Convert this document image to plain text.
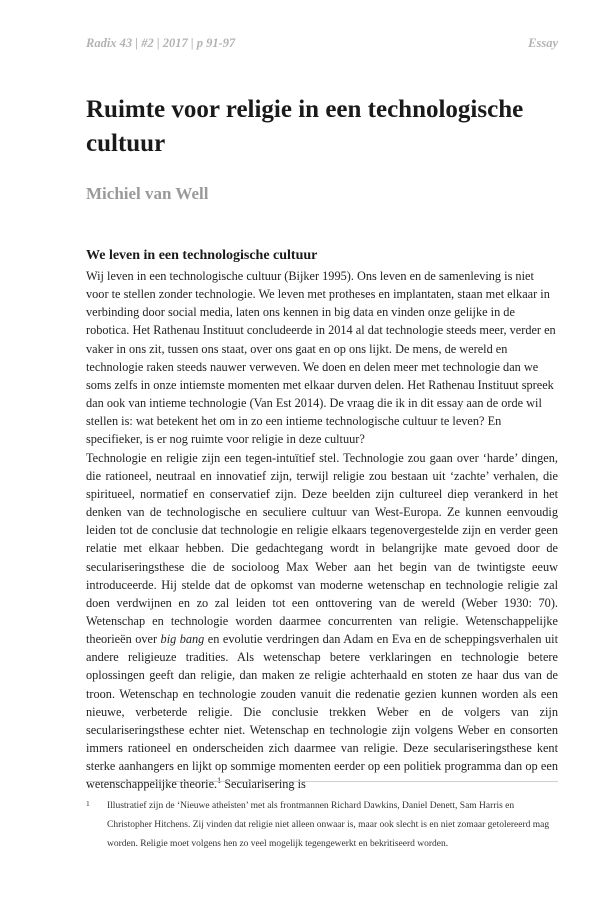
Radix 43 | #2 | 2017 | p 91-97	Essay
Ruimte voor religie in een technologische cultuur
Michiel van Well
We leven in een technologische cultuur

Wij leven in een technologische cultuur (Bijker 1995). Ons leven en de samenleving is niet voor te stellen zonder technologie. We leven met protheses en implantaten, staan met elkaar in verbinding door social media, laten ons kennen in big data en vinden onze gelijke in de robotica. Het Rathenau Instituut concludeerde in 2014 al dat technologie steeds meer, verder en vaker in ons zit, tussen ons staat, over ons gaat en op ons lijkt. De mens, de wereld en technologie raken steeds nauwer verweven. We doen en delen meer met technologie dan we soms zelfs in onze intiemste momenten met elkaar durven delen. Het Rathenau Instituut spreek dan ook van intieme technologie (Van Est 2014). De vraag die ik in dit essay aan de orde wil stellen is: wat betekent het om in zo een intieme technologische cultuur te leven? En specifieker, is er nog ruimte voor religie in deze cultuur?

Technologie en religie zijn een tegen-intuïtief stel. Technologie zou gaan over ‘harde’ dingen, die rationeel, neutraal en innovatief zijn, terwijl religie zou bestaan uit ‘zachte’ verhalen, die spiritueel, normatief en conservatief zijn. Deze beelden zijn cultureel diep verankerd in het denken van de technologische en seculiere cultuur van West-Europa. Ze kunnen eenvoudig leiden tot de conclusie dat technologie en religie elkaars tegenovergestelde zijn en verder geen relatie met elkaar hebben. Die gedachtegang wordt in belangrijke mate gevoed door de seculariseringsthese die de socioloog Max Weber aan het begin van de twintigste eeuw introduceerde. Hij stelde dat de opkomst van moderne wetenschap en technologie religie zal doen verdwijnen en zo zal leiden tot een onttovering van de wereld (Weber 1930: 70). Wetenschap en technologie worden daarmee concurrenten van religie. Wetenschappelijke theorieën over big bang en evolutie verdringen dan Adam en Eva en de scheppingsverhalen uit andere religieuze tradities. Als wetenschap betere verklaringen en technologie betere oplossingen geeft dan religie, dan maken ze religie achterhaald en stoten ze haar dus van de troon. Wetenschap en technologie zouden vanuit die redenatie gezien kunnen worden als een nieuwe, verbeterde religie. Die conclusie trekken Weber en de volgers van zijn seculariseringsthese echter niet. Wetenschap en technologie zijn volgens Weber en consorten immers rationeel en onderscheiden zich daarmee van religie. Deze seculariseringsthese kent sterke aanhangers en lijkt op sommige momenten eerder op een politiek programma dan op een wetenschappelijke theorie.$^1$ Secularisering is

1	Illustratief zijn de ‘Nieuwe atheïsten’ met als frontmannen Richard Dawkins, Daniel Denett, Sam Harris en Christopher Hitchens. Zij vinden dat religie niet alleen onwaar is, maar ook slecht is en niet zomaar getolereerd mag worden. Religie moet volgens hen zo veel mogelijk tegengewerkt en bekritiseerd worden.
